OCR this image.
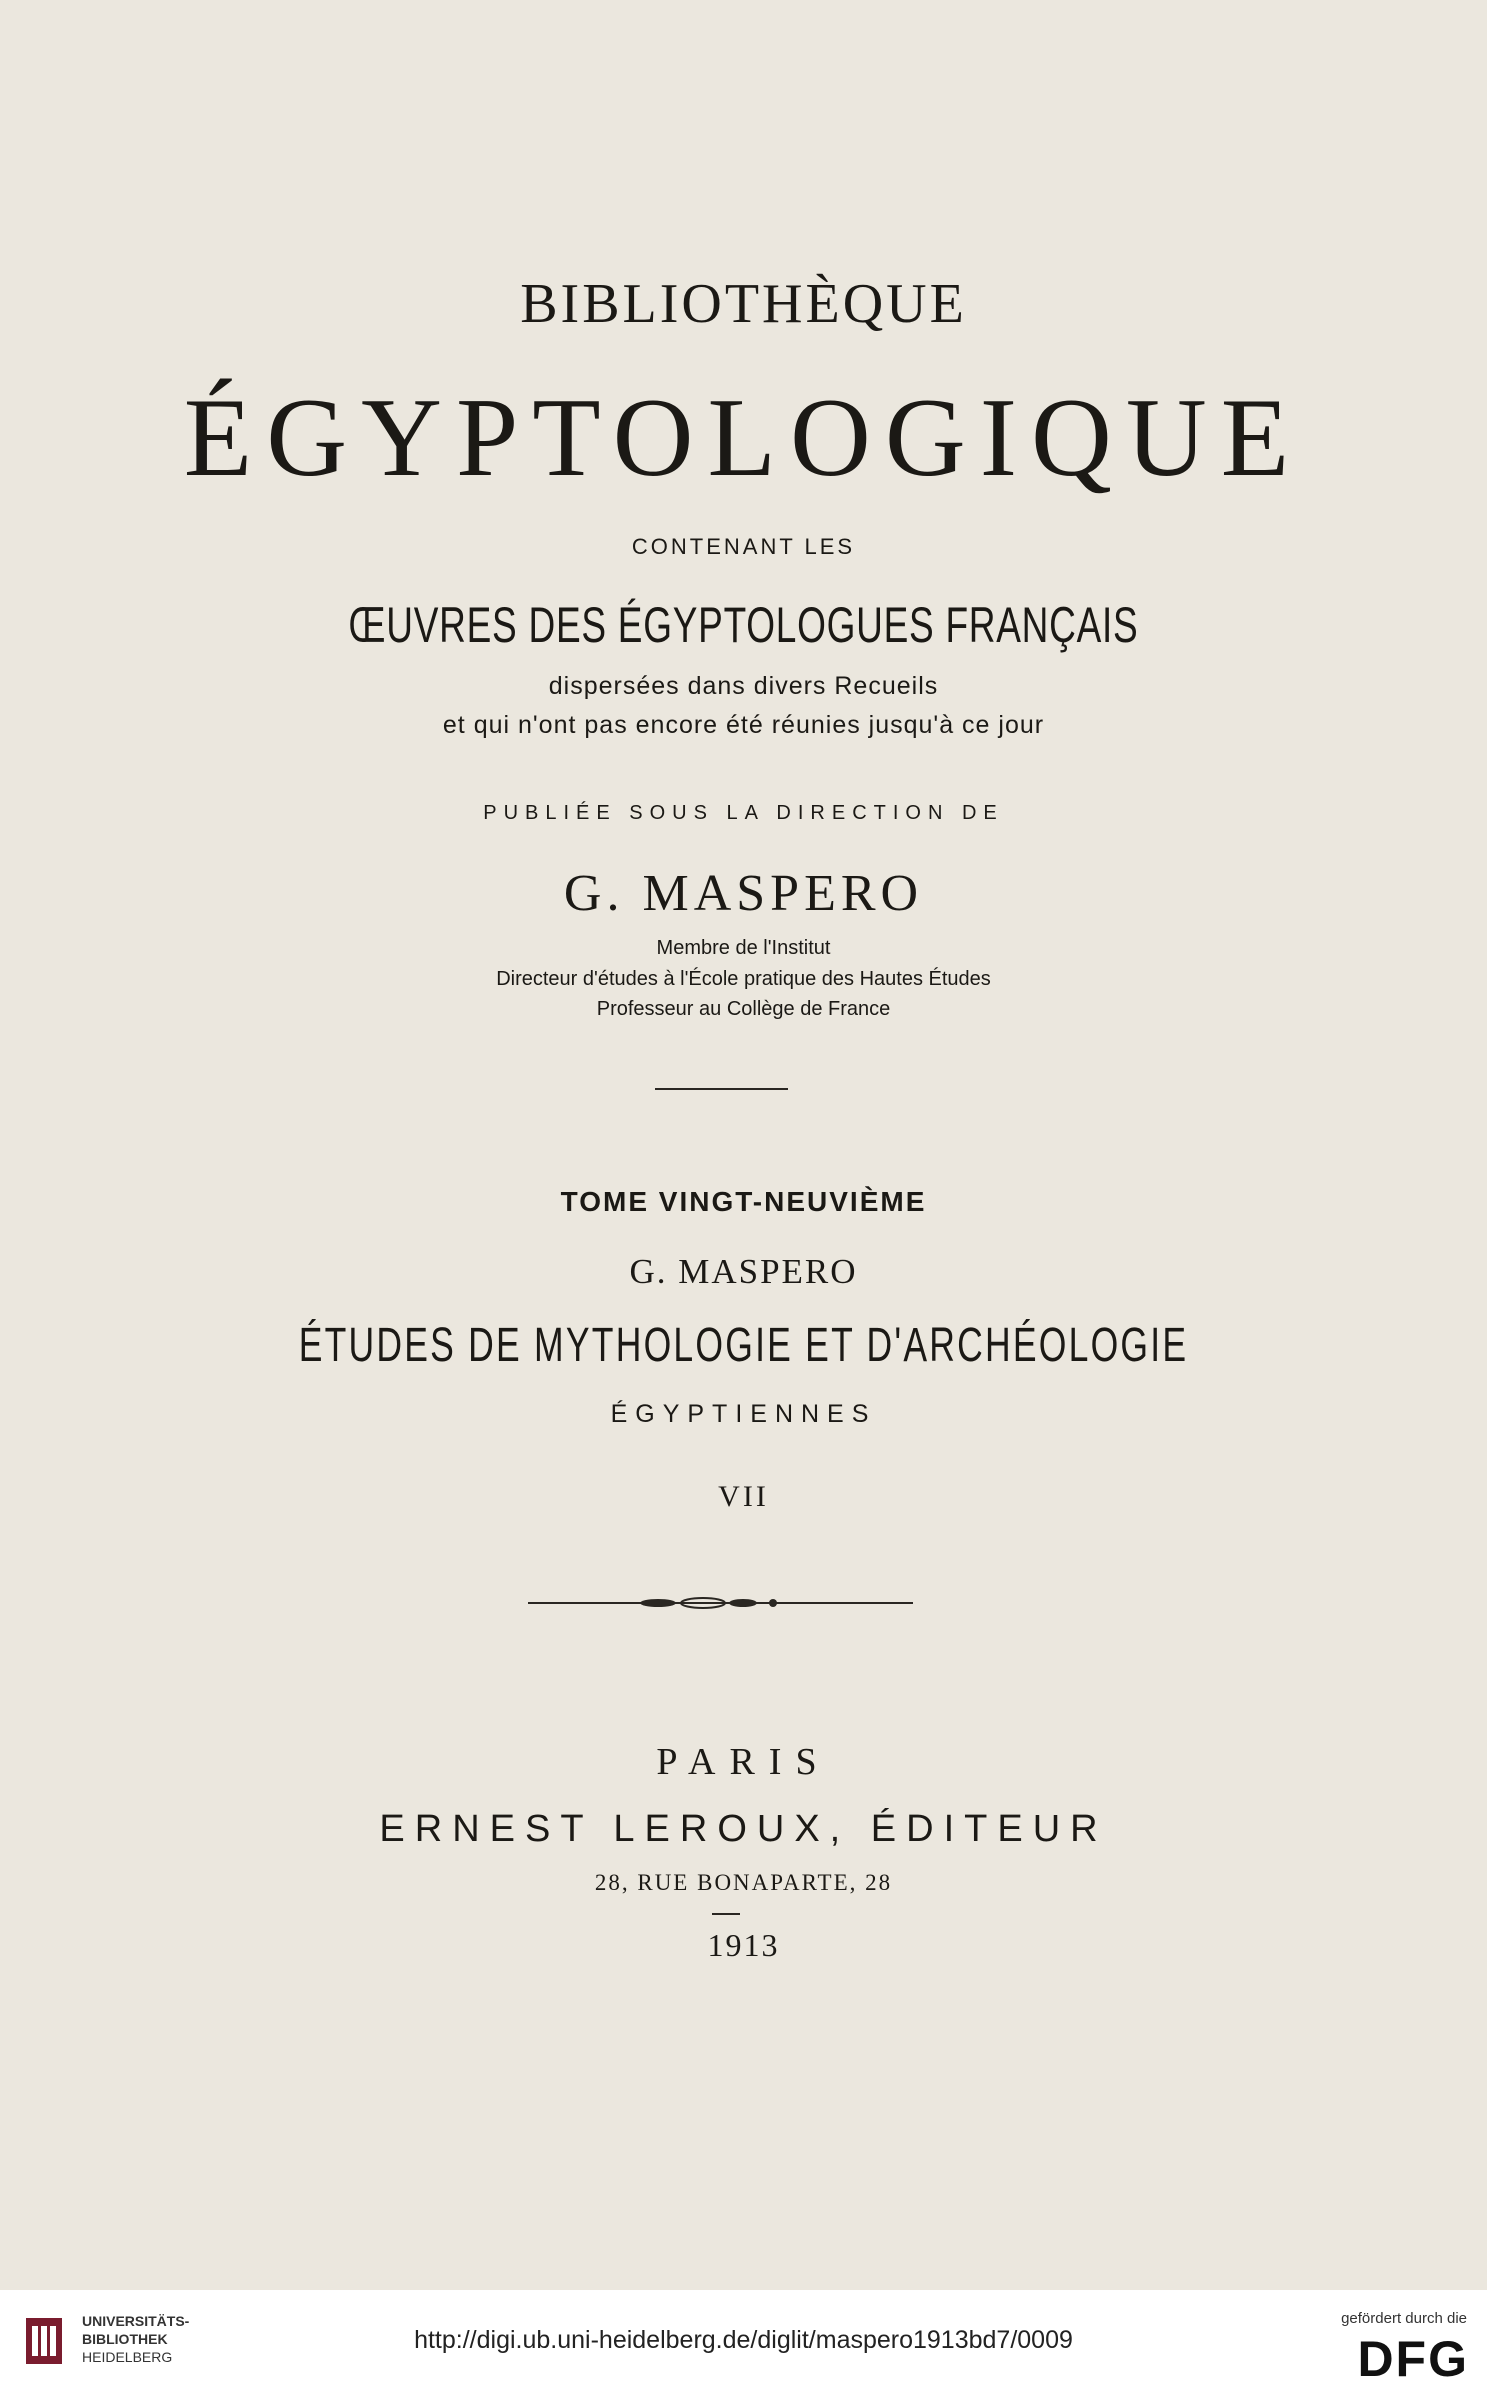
BIBLIOTHÈQUE
ÉGYPTOLOGIQUE
CONTENANT LES
ŒUVRES DES ÉGYPTOLOGUES FRANÇAIS
dispersées dans divers Recueils
et qui n'ont pas encore été réunies jusqu'à ce jour
PUBLIÉE SOUS LA DIRECTION DE
G. MASPERO
Membre de l'Institut
Directeur d'études à l'École pratique des Hautes Études
Professeur au Collège de France
TOME VINGT-NEUVIÈME
G. MASPERO
ÉTUDES DE MYTHOLOGIE ET D'ARCHÉOLOGIE
ÉGYPTIENNES
VII
PARIS
ERNEST LEROUX, ÉDITEUR
28, RUE BONAPARTE, 28
1913
UNIVERSITÄTS-
BIBLIOTHEK
HEIDELBERG
http://digi.ub.uni-heidelberg.de/diglit/maspero1913bd7/0009
gefördert durch die
DFG
